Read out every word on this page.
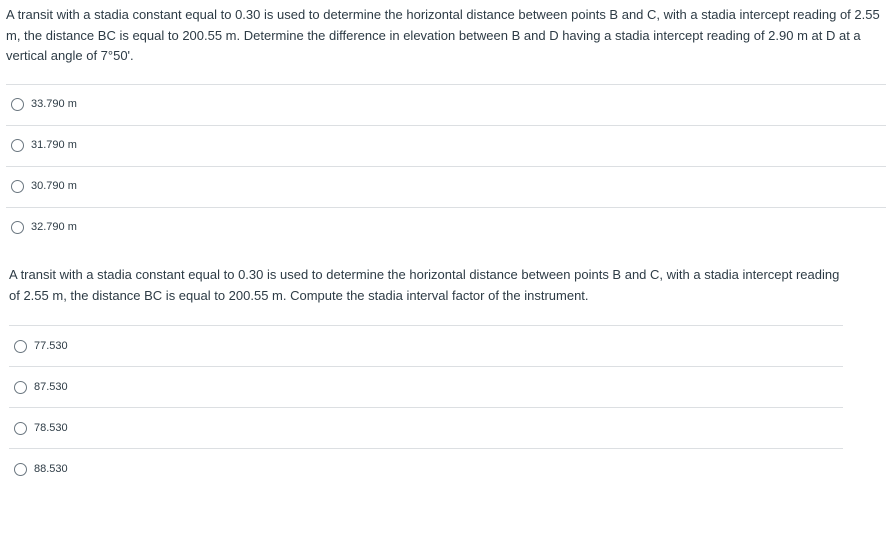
A transit with a stadia constant equal to 0.30 is used to determine the horizontal distance between points B and C, with a stadia intercept reading of 2.55 m, the distance BC is equal to 200.55 m. Determine the difference in elevation between B and D having a stadia intercept reading of 2.90 m at D at a vertical angle of 7°50'.

33.790 m
31.790 m
30.790 m
32.790 m

A transit with a stadia constant equal to 0.30 is used to determine the horizontal distance between points B and C, with a stadia intercept reading of 2.55 m, the distance BC is equal to 200.55 m. Compute the stadia interval factor of the instrument.

77.530
87.530
78.530
88.530
